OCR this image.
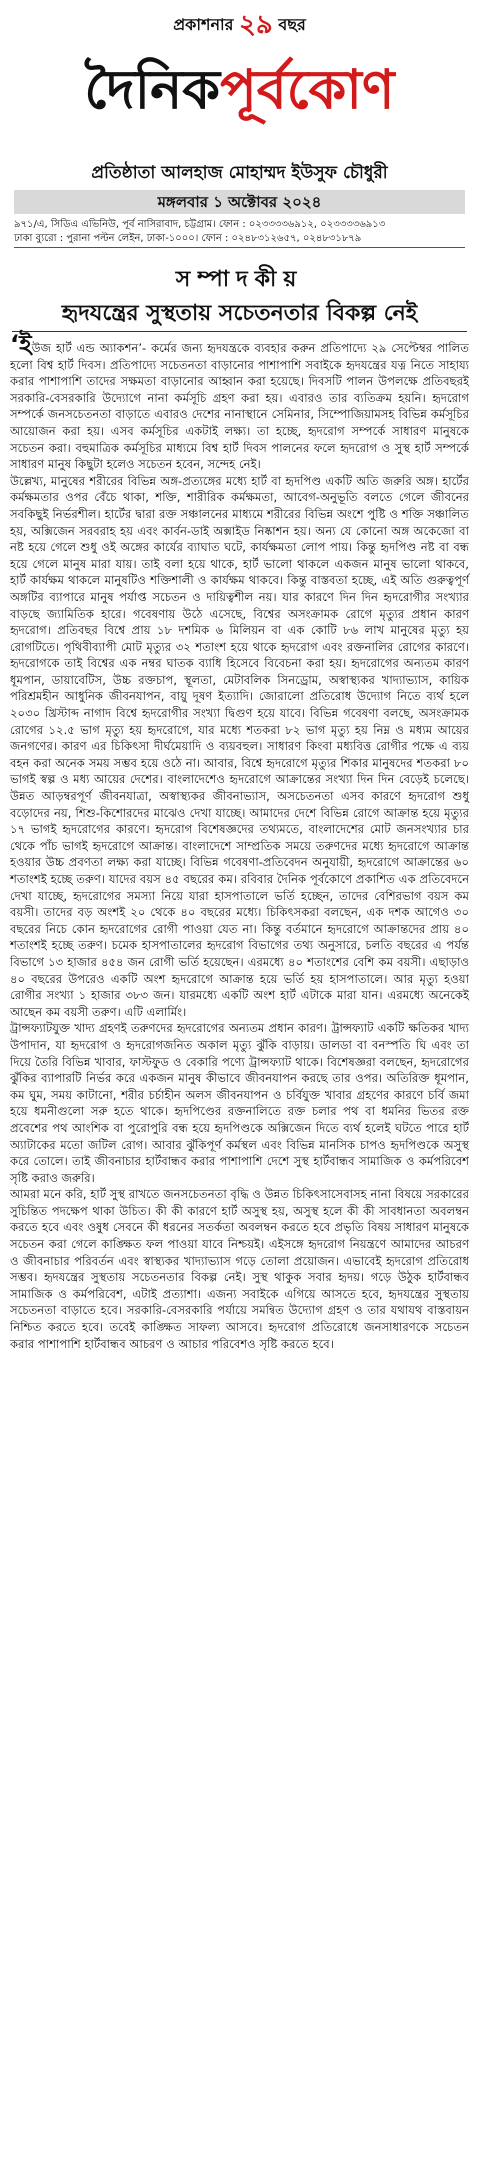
প্রকাশনার ২৯ বছর
দৈনিকপূর্বকোণ
প্রতিষ্ঠাতা আলহাজ মোহাম্মদ ইউসুফ চৌধুরী
মঙ্গলবার ১ অক্টোবর ২০২৪
৯৭১/এ, সিডিএ এভিনিউ, পূর্ব নাসিরাবাদ, চট্টগ্রাম। ফোন : ০২৩৩৩৩৬৯১২, ০২৩৩৩৩৬৯১৩
ঢাকা ব্যুরো : পুরানা পল্টন লেইন, ঢাকা-১০০০। ফোন : ০২৪৮৩১২৬৫৭, ০২৪৮৩১৮৭৯
সম্পাদকীয়
হৃদযন্ত্রের সুস্থতায় সচেতনতার বিকল্প নেই

‘ইউজ হার্ট এন্ড অ্যাকশন’- কর্মের জন্য হৃদযন্ত্রকে ব্যবহার করুন প্রতিপাদ্যে ২৯ সেপ্টেম্বর পালিত হলো বিশ্ব হার্ট দিবস। প্রতিপাদ্যে সচেতনতা বাড়ানোর পাশাপাশি সবাইকে হৃদযন্ত্রের যত্ন নিতে সাহায্য করার পাশাপাশি তাদের সক্ষমতা বাড়ানোর আহ্বান করা হয়েছে। দিবসটি পালন উপলক্ষে প্রতিবছরই সরকারি-বেসরকারি উদ্যোগে নানা কর্মসূচি গ্রহণ করা হয়। এবারও তার ব্যতিক্রম হয়নি। হৃদরোগ সম্পর্কে জনসচেতনতা বাড়াতে এবারও দেশের নানাস্থানে সেমিনার, সিম্পোজিয়ামসহ বিভিন্ন কর্মসূচির আয়োজন করা হয়। এসব কর্মসূচির একটাই লক্ষ্য। তা হচ্ছে, হৃদরোগ সম্পর্কে সাধারণ মানুষকে সচেতন করা। বহুমাত্রিক কর্মসূচির মাধ্যমে বিশ্ব হার্ট দিবস পালনের ফলে হৃদরোগ ও সুস্থ হার্ট সম্পর্কে সাধারণ মানুষ কিছুটা হলেও সচেতন হবেন, সন্দেহ নেই।

উল্লেখ্য, মানুষের শরীরের বিভিন্ন অঙ্গ-প্রত্যঙ্গের মধ্যে হার্ট বা হৃদপিণ্ড একটি অতি জরুরি অঙ্গ। হার্টের কর্মক্ষমতার ওপর বেঁচে থাকা, শক্তি, শারীরিক কর্মক্ষমতা, আবেগ-অনুভূতি বলতে গেলে জীবনের সবকিছুই নির্ভরশীল। হার্টের দ্বারা রক্ত সঞ্চালনের মাধ্যমে শরীরের বিভিন্ন অংশে পুষ্টি ও শক্তি সঞ্চালিত হয়, অক্সিজেন সরবরাহ হয় এবং কার্বন-ডাই অক্সাইড নিষ্কাশন হয়। অন্য যে কোনো অঙ্গ অকেজো বা নষ্ট হয়ে গেলে শুধু ওই অঙ্গের কার্যের ব্যাঘাত ঘটে, কার্যক্ষমতা লোপ পায়। কিন্তু হৃদপিণ্ড নষ্ট বা বন্ধ হয়ে গেলে মানুষ মারা যায়। তাই বলা হয়ে থাকে, হার্ট ভালো থাকলে একজন মানুষ ভালো থাকবে, হার্ট কার্যক্ষম থাকলে মানুষটিও শক্তিশালী ও কার্যক্ষম থাকবে। কিন্তু বাস্তবতা হচ্ছে, এই অতি গুরুত্বপূর্ণ অঙ্গটির ব্যাপারে মানুষ পর্যাপ্ত সচেতন ও দায়িত্বশীল নয়। যার কারণে দিন দিন হৃদরোগীর সংখ্যার বাড়ছে জ্যামিতিক হারে। গবেষণায় উঠে এসেছে, বিশ্বের অসংক্রামক রোগে মৃত্যুর প্রধান কারণ হৃদরোগ। প্রতিবছর বিশ্বে প্রায় ১৮ দশমিক ৬ মিলিয়ন বা এক কোটি ৮৬ লাখ মানুষের মৃত্যু হয় রোগটিতে। পৃথিবীব্যাপী মোট মৃত্যুর ৩২ শতাংশ হয়ে থাকে হৃদরোগ এবং রক্তনালির রোগের কারণে। হৃদরোগকে তাই বিশ্বের এক নম্বর ঘাতক ব্যাধি হিসেবে বিবেচনা করা হয়। হৃদরোগের অন্যতম কারণ ধূমপান, ডায়াবেটিস, উচ্চ রক্তচাপ, স্থূলতা, মেটাবলিক সিনড্রোম, অস্বাস্থ্যকর খাদ্যাভ্যাস, কায়িক পরিশ্রমহীন আধুনিক জীবনযাপন, বায়ু দূষণ ইত্যাদি। জোরালো প্রতিরোধ উদ্যোগ নিতে ব্যর্থ হলে ২০৩০ খ্রিস্টাব্দ নাগাদ বিশ্বে হৃদরোগীর সংখ্যা দ্বিগুণ হয়ে যাবে। বিভিন্ন গবেষণা বলছে, অসংক্রামক রোগের ১২.৫ ভাগ মৃত্যু হয় হৃদরোগে, যার মধ্যে শতকরা ৮২ ভাগ মৃত্যু হয় নিম্ন ও মধ্যম আয়ের জনগণের। কারণ এর চিকিৎসা দীর্ঘমেয়াদি ও ব্যয়বহুল। সাধারণ কিংবা মধ্যবিত্ত রোগীর পক্ষে এ ব্যয় বহন করা অনেক সময় সম্ভব হয়ে ওঠে না। আবার, বিশ্বে হৃদরোগে মৃত্যুর শিকার মানুষদের শতকরা ৮০ ভাগই স্বল্প ও মধ্য আয়ের দেশের। বাংলাদেশেও হৃদরোগে আক্রান্তের সংখ্যা দিন দিন বেড়েই চলেছে। উন্নত আড়ম্বরপূর্ণ জীবনযাত্রা, অস্বাস্থ্যকর জীবনাভ্যাস, অসচেতনতা এসব কারণে হৃদরোগ শুধু বড়োদের নয়, শিশু-কিশোরদের মাঝেও দেখা যাচ্ছে। আমাদের দেশে বিভিন্ন রোগে আক্রান্ত হয়ে মৃত্যুর ১৭ ভাগই হৃদরোগের কারণে। হৃদরোগ বিশেষজ্ঞদের তথ্যমতে, বাংলাদেশের মোট জনসংখ্যার চার থেকে পাঁচ ভাগই হৃদরোগে আক্রান্ত। বাংলাদেশে সাম্প্রতিক সময়ে তরুণদের মধ্যে হৃদরোগে আক্রান্ত হওয়ার উচ্চ প্রবণতা লক্ষ্য করা যাচ্ছে। বিভিন্ন গবেষণা-প্রতিবেদন অনুযায়ী, হৃদরোগে আক্রান্তের ৬০ শতাংশই হচ্ছে তরুণ। যাদের বয়স ৪৫ বছরের কম। রবিবার দৈনিক পূর্বকোণে প্রকাশিত এক প্রতিবেদনে দেখা যাচ্ছে, হৃদরোগের সমস্যা নিয়ে যারা হাসপাতালে ভর্তি হচ্ছেন, তাদের বেশিরভাগ বয়স কম বয়সী। তাদের বড় অংশই ২০ থেকে ৪০ বছরের মধ্যে। চিকিৎসকরা বলছেন, এক দশক আগেও ৩০ বছরের নিচে কোন হৃদরোগের রোগী পাওয়া যেত না। কিন্তু বর্তমানে হৃদরোগে আক্রান্তদের প্রায় ৪০ শতাংশই হচ্ছে তরুণ। চমেক হাসপাতালের হৃদরোগ বিভাগের তথ্য অনুসারে, চলতি বছরের এ পর্যন্ত বিভাগে ১৩ হাজার ৪৫৪ জন রোগী ভর্তি হয়েছেন। এরমধ্যে ৪০ শতাংশের বেশি কম বয়সী। এছাড়াও ৪০ বছরের উপরেও একটি অংশ হৃদরোগে আক্রান্ত হয়ে ভর্তি হয় হাসপাতালে। আর মৃত্যু হওয়া রোগীর সংখ্যা ১ হাজার ৩৮৩ জন। যারমধ্যে একটি অংশ হার্ট এটাকে মারা যান। এরমধ্যে অনেকেই আছেন কম বয়সী তরুণ। এটি এলার্মিং।

ট্রান্সফ্যাটযুক্ত খাদ্য গ্রহণই তরুণদের হৃদরোগের অন্যতম প্রধান কারণ। ট্রান্সফ্যাট একটি ক্ষতিকর খাদ্য উপাদান, যা হৃদরোগ ও হৃদরোগজনিত অকাল মৃত্যু ঝুঁকি বাড়ায়। ডালডা বা বনস্পতি ঘি এবং তা দিয়ে তৈরি বিভিন্ন খাবার, ফাস্টফুড ও বেকারি পণ্যে ট্রান্সফ্যাট থাকে। বিশেষজ্ঞরা বলছেন, হৃদরোগের ঝুঁকির ব্যাপারটি নির্ভর করে একজন মানুষ কীভাবে জীবনযাপন করছে তার ওপর। অতিরিক্ত ধূমপান, কম ঘুম, সময় কাটানো, শরীর চর্চাহীন অলস জীবনযাপন ও চর্বিযুক্ত খাবার গ্রহণের কারণে চর্বি জমা হয়ে ধমনীগুলো সরু হতে থাকে। হৃদপিণ্ডের রক্তনালিতে রক্ত চলার পথ বা ধমনির ভিতর রক্ত প্রবেশের পথ আংশিক বা পুরোপুরি বন্ধ হয়ে হৃদপিণ্ডকে অক্সিজেন দিতে ব্যর্থ হলেই ঘটতে পারে হার্ট অ্যাটাকের মতো জটিল রোগ। আবার ঝুঁকিপূর্ণ কর্মস্থল এবং বিভিন্ন মানসিক চাপও হৃদপিণ্ডকে অসুস্থ করে তোলে। তাই জীবনাচার হার্টবান্ধব করার পাশাপাশি দেশে সুস্থ হার্টবান্ধব সামাজিক ও কর্মপরিবেশ সৃষ্টি করাও জরুরি।

আমরা মনে করি, হার্ট সুস্থ রাখতে জনসচেতনতা বৃদ্ধি ও উন্নত চিকিৎসাসেবাসহ নানা বিষয়ে সরকারের সুচিন্তিত পদক্ষেপ থাকা উচিত। কী কী কারণে হার্ট অসুস্থ হয়, অসুস্থ হলে কী কী সাবধানতা অবলম্বন করতে হবে এবং ওষুধ সেবনে কী ধরনের সতর্কতা অবলম্বন করতে হবে প্রভৃতি বিষয় সাধারণ মানুষকে সচেতন করা গেলে কাঙ্ক্ষিত ফল পাওয়া যাবে নিশ্চয়ই। এইসঙ্গে হৃদরোগ নিয়ন্ত্রণে আমাদের আচরণ ও জীবনাচার পরিবর্তন এবং স্বাস্থ্যকর খাদ্যাভ্যাস গড়ে তোলা প্রয়োজন। এভাবেই হৃদরোগ প্রতিরোধ সম্ভব। হৃদযন্ত্রের সুস্থতায় সচেতনতার বিকল্প নেই। সুস্থ থাকুক সবার হৃদয়। গড়ে উঠুক হার্টবান্ধব সামাজিক ও কর্মপরিবেশ, এটাই প্রত্যাশা। এজন্য সবাইকে এগিয়ে আসতে হবে, হৃদযন্ত্রের সুস্থতায় সচেতনতা বাড়াতে হবে। সরকারি-বেসরকারি পর্যায়ে সমন্বিত উদ্যোগ গ্রহণ ও তার যথাযথ বাস্তবায়ন নিশ্চিত করতে হবে। তবেই কাঙ্ক্ষিত সাফল্য আসবে। হৃদরোগ প্রতিরোধে জনসাধারণকে সচেতন করার পাশাপাশি হার্টবান্ধব আচরণ ও আচার পরিবেশও সৃষ্টি করতে হবে।
